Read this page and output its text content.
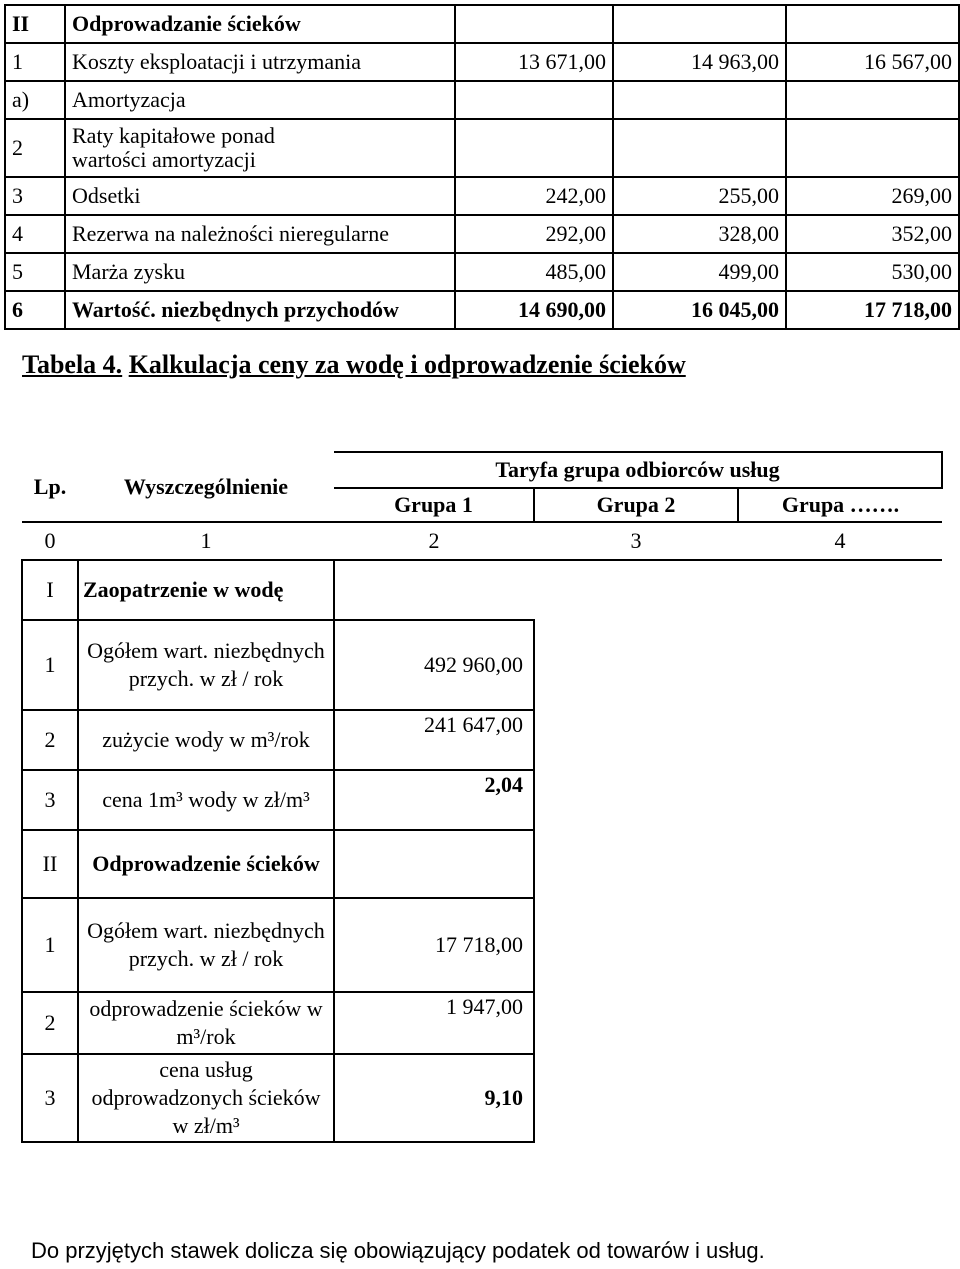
II	Odprowadzanie ścieków			
1	Koszty eksploatacji i utrzymania	13 671,00	14 963,00	16 567,00
a)	Amortyzacja			
2	Raty kapitałowe ponad wartości amortyzacji			
3	Odsetki	242,00	255,00	269,00
4	Rezerwa na należności nieregularne	292,00	328,00	352,00
5	Marża zysku	485,00	499,00	530,00
6	Wartość. niezbędnych przychodów	14 690,00	16 045,00	17 718,00
Tabela 4. Kalkulacja ceny za wodę i odprowadzenie ścieków
Lp.	Wyszczególnienie	Taryfa grupa odbiorców usług		
		Grupa 1	Grupa 2	Grupa …….
0	1	2	3	4
I	Zaopatrzenie w wodę			
1	Ogółem wart. niezbędnych przych. w zł / rok	492 960,00		
2	zużycie wody w m³/rok	241 647,00		
3	cena 1m³ wody w zł/m³	2,04		
II	Odprowadzenie ścieków			
1	Ogółem wart. niezbędnych przych. w zł / rok	17 718,00		
2	odprowadzenie ścieków w m³/rok	1 947,00		
3	cena usług odprowadzonych ścieków w zł/m³	9,10		
Do przyjętych stawek dolicza się obowiązujący podatek od towarów i usług.
